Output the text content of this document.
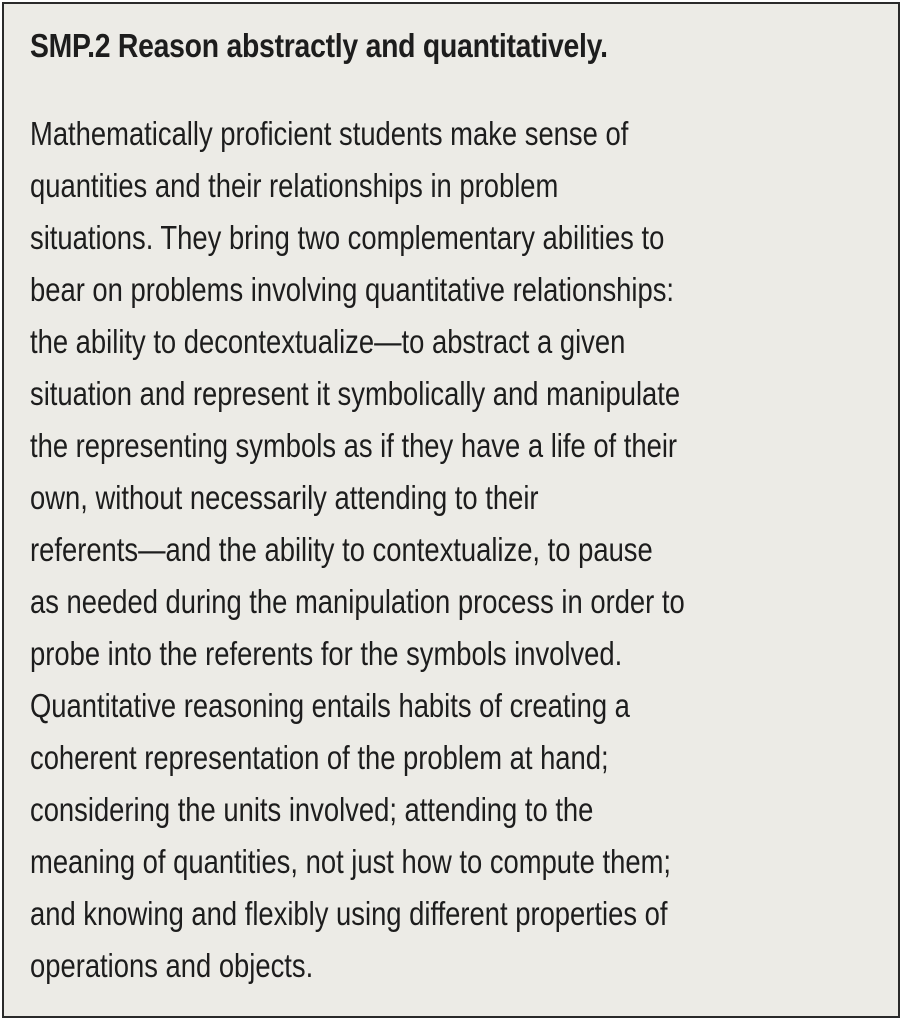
SMP.2 Reason abstractly and quantitatively.
Mathematically proficient students make sense of
quantities and their relationships in problem
situations. They bring two complementary abilities to
bear on problems involving quantitative relationships:
the ability to decontextualize—to abstract a given
situation and represent it symbolically and manipulate
the representing symbols as if they have a life of their
own, without necessarily attending to their
referents—and the ability to contextualize, to pause
as needed during the manipulation process in order to
probe into the referents for the symbols involved.
Quantitative reasoning entails habits of creating a
coherent representation of the problem at hand;
considering the units involved; attending to the
meaning of quantities, not just how to compute them;
and knowing and flexibly using different properties of
operations and objects.
